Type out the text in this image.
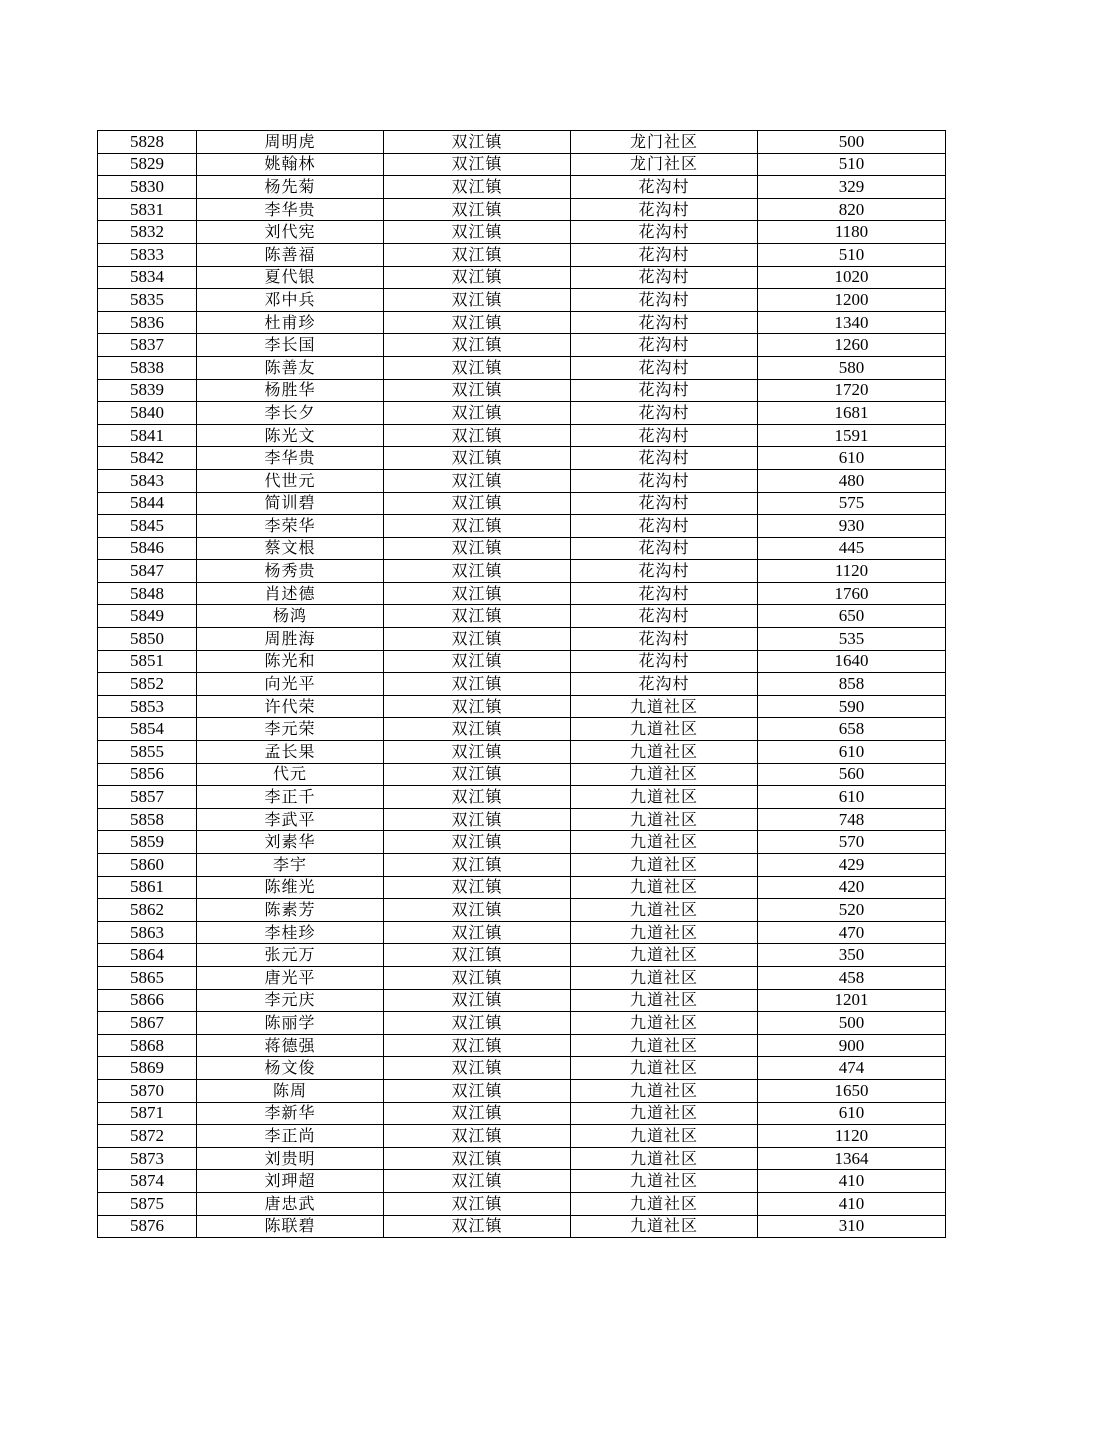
5828	周明虎	双江镇	龙门社区	500
5829	姚翰林	双江镇	龙门社区	510
5830	杨先菊	双江镇	花沟村	329
5831	李华贵	双江镇	花沟村	820
5832	刘代宪	双江镇	花沟村	1180
5833	陈善福	双江镇	花沟村	510
5834	夏代银	双江镇	花沟村	1020
5835	邓中兵	双江镇	花沟村	1200
5836	杜甫珍	双江镇	花沟村	1340
5837	李长国	双江镇	花沟村	1260
5838	陈善友	双江镇	花沟村	580
5839	杨胜华	双江镇	花沟村	1720
5840	李长夕	双江镇	花沟村	1681
5841	陈光文	双江镇	花沟村	1591
5842	李华贵	双江镇	花沟村	610
5843	代世元	双江镇	花沟村	480
5844	简训碧	双江镇	花沟村	575
5845	李荣华	双江镇	花沟村	930
5846	蔡文根	双江镇	花沟村	445
5847	杨秀贵	双江镇	花沟村	1120
5848	肖述德	双江镇	花沟村	1760
5849	杨鸿	双江镇	花沟村	650
5850	周胜海	双江镇	花沟村	535
5851	陈光和	双江镇	花沟村	1640
5852	向光平	双江镇	花沟村	858
5853	许代荣	双江镇	九道社区	590
5854	李元荣	双江镇	九道社区	658
5855	孟长果	双江镇	九道社区	610
5856	代元	双江镇	九道社区	560
5857	李正千	双江镇	九道社区	610
5858	李武平	双江镇	九道社区	748
5859	刘素华	双江镇	九道社区	570
5860	李宇	双江镇	九道社区	429
5861	陈维光	双江镇	九道社区	420
5862	陈素芳	双江镇	九道社区	520
5863	李桂珍	双江镇	九道社区	470
5864	张元万	双江镇	九道社区	350
5865	唐光平	双江镇	九道社区	458
5866	李元庆	双江镇	九道社区	1201
5867	陈丽学	双江镇	九道社区	500
5868	蒋德强	双江镇	九道社区	900
5869	杨文俊	双江镇	九道社区	474
5870	陈周	双江镇	九道社区	1650
5871	李新华	双江镇	九道社区	610
5872	李正尚	双江镇	九道社区	1120
5873	刘贵明	双江镇	九道社区	1364
5874	刘玾超	双江镇	九道社区	410
5875	唐忠武	双江镇	九道社区	410
5876	陈联碧	双江镇	九道社区	310
